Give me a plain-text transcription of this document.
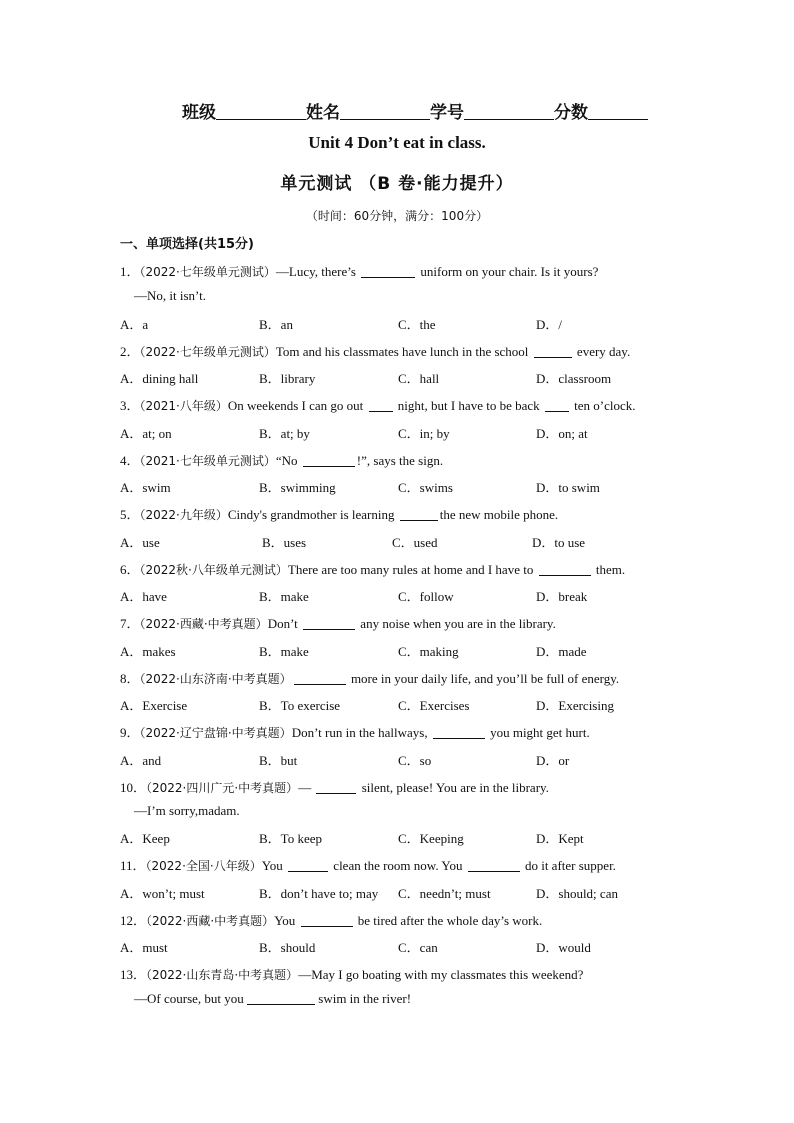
班级	姓名	学号	分数
Unit 4 Don’t eat in class.
单元测试 （B 卷·能力提升）
（时间：60分钟，满分：100分）
一、单项选择(共15分)
1．（2022·七年级单元测试）—Lucy, there’s	uniform on your chair. Is it yours?
—No, it isn’t.
A．a	B．an	C．the	D．/
2．（2022·七年级单元测试）Tom and his classmates have lunch in the school	every day.
A．dining hall	B．library	C．hall	D．classroom
3．（2021·八年级）On weekends I can go out	night, but I have to be back	ten o’clock.
A．at; on	B．at; by	C．in; by	D．on; at
4．（2021·七年级单元测试）“No	!”, says the sign.
A．swim	B．swimming	C．swims	D．to swim
5．（2022·九年级）Cindy's grandmother is learning	the new mobile phone.
A．use	B．uses	C．used	D．to use
6．（2022秋·八年级单元测试）There are too many rules at home and I have to	them.
A．have	B．make	C．follow	D．break
7．（2022·西藏·中考真题）Don’t	any noise when you are in the library.
A．makes	B．make	C．making	D．made
8．（2022·山东济南·中考真题）	more in your daily life, and you’ll be full of energy.
A．Exercise	B．To exercise	C．Exercises	D．Exercising
9．（2022·辽宁盘锦·中考真题）Don’t run in the hallways,	you might get hurt.
A．and	B．but	C．so	D．or
10．（2022·四川广元·中考真题）—	silent, please! You are in the library.
—I’m sorry,madam.
A．Keep	B．To keep	C．Keeping	D．Kept
11．（2022·全国·八年级）You	clean the room now. You	do it after supper.
A．won’t; must	B．don’t have to; may C．needn’t; must	D．should; can
12．（2022·西藏·中考真题）You	be tired after the whole day’s work.
A．must	B．should	C．can	D．would
13．（2022·山东青岛·中考真题）—May I go boating with my classmates this weekend?
—Of course, but you	swim in the river!
